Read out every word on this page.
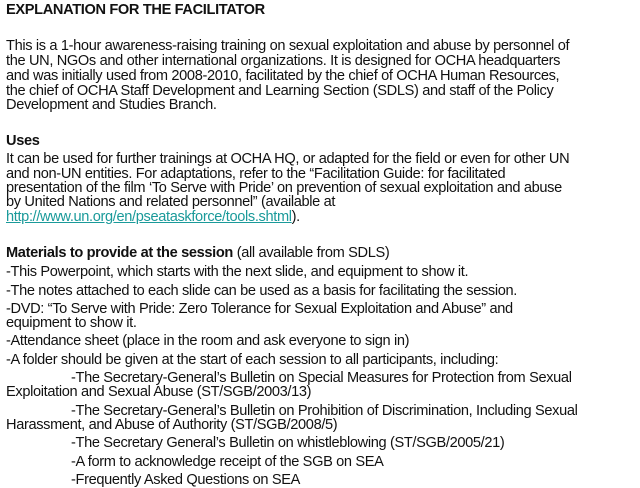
EXPLANATION FOR THE FACILITATOR
This is a 1-hour awareness-raising training on sexual exploitation and abuse by personnel of
the UN, NGOs and other international organizations. It is designed for OCHA headquarters
and was initially used from 2008-2010, facilitated by the chief of OCHA Human Resources,
the chief of OCHA Staff Development and Learning Section (SDLS) and staff of the Policy
Development and Studies Branch.
Uses
It can be used for further trainings at OCHA HQ, or adapted for the field or even for other UN
and non-UN entities. For adaptations, refer to the “Facilitation Guide: for facilitated
presentation of the film ‘To Serve with Pride’ on prevention of sexual exploitation and abuse
by United Nations and related personnel” (available at
http://www.un.org/en/pseataskforce/tools.shtml).
Materials to provide at the session (all available from SDLS)
-This Powerpoint, which starts with the next slide, and equipment to show it.
-The notes attached to each slide can be used as a basis for facilitating the session.
-DVD: “To Serve with Pride: Zero Tolerance for Sexual Exploitation and Abuse” and
equipment to show it.
-Attendance sheet (place in the room and ask everyone to sign in)
-A folder should be given at the start of each session to all participants, including:
-The Secretary-General’s Bulletin on Special Measures for Protection from Sexual
Exploitation and Sexual Abuse (ST/SGB/2003/13)
-The Secretary-General’s Bulletin on Prohibition of Discrimination, Including Sexual
Harassment, and Abuse of Authority (ST/SGB/2008/5)
-The Secretary General’s Bulletin on whistleblowing (ST/SGB/2005/21)
-A form to acknowledge receipt of the SGB on SEA
-Frequently Asked Questions on SEA
